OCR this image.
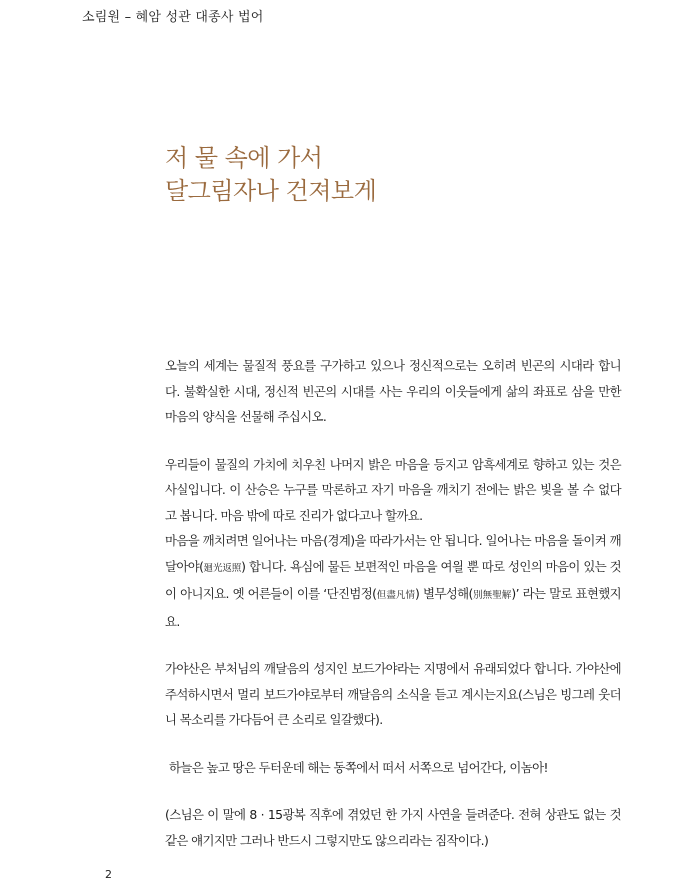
소림원 – 혜암 성관 대종사 법어
저 물 속에 가서
달그림자나 건져보게

오늘의 세계는 물질적 풍요를 구가하고 있으나 정신적으로는 오히려 빈곤의 시대라 합니다. 불확실한 시대, 정신적 빈곤의 시대를 사는 우리의 이웃들에게 삶의 좌표로 삼을 만한 마음의 양식을 선물해 주십시오.

우리들이 물질의 가치에 치우친 나머지 밝은 마음을 등지고 암흑세계로 향하고 있는 것은 사실입니다. 이 산승은 누구를 막론하고 자기 마음을 깨치기 전에는 밝은 빛을 볼 수 없다고 봅니다. 마음 밖에 따로 진리가 없다고나 할까요.

마음을 깨치려면 일어나는 마음(경계)을 따라가서는 안 됩니다. 일어나는 마음을 돌이켜 깨달아야(廻光返照) 합니다. 욕심에 물든 보편적인 마음을 여읠 뿐 따로 성인의 마음이 있는 것이 아니지요. 옛 어른들이 이를 ‘단진범정(但盡凡情) 별무성해(別無聖解)’ 라는 말로 표현했지요.

가야산은 부처님의 깨달음의 성지인 보드가야라는 지명에서 유래되었다 합니다. 가야산에 주석하시면서 멀리 보드가야로부터 깨달음의 소식을 듣고 계시는지요(스님은 빙그레 웃더니 목소리를 가다듬어 큰 소리로 일갈했다).

하늘은 높고 땅은 두터운데 해는 동쪽에서 떠서 서쪽으로 넘어간다, 이놈아!

(스님은 이 말에 8 · 15광복 직후에 겪었던 한 가지 사연을 들려준다. 전혀 상관도 없는 것 같은 얘기지만 그러나 반드시 그렇지만도 않으리라는 짐작이다.)

2
